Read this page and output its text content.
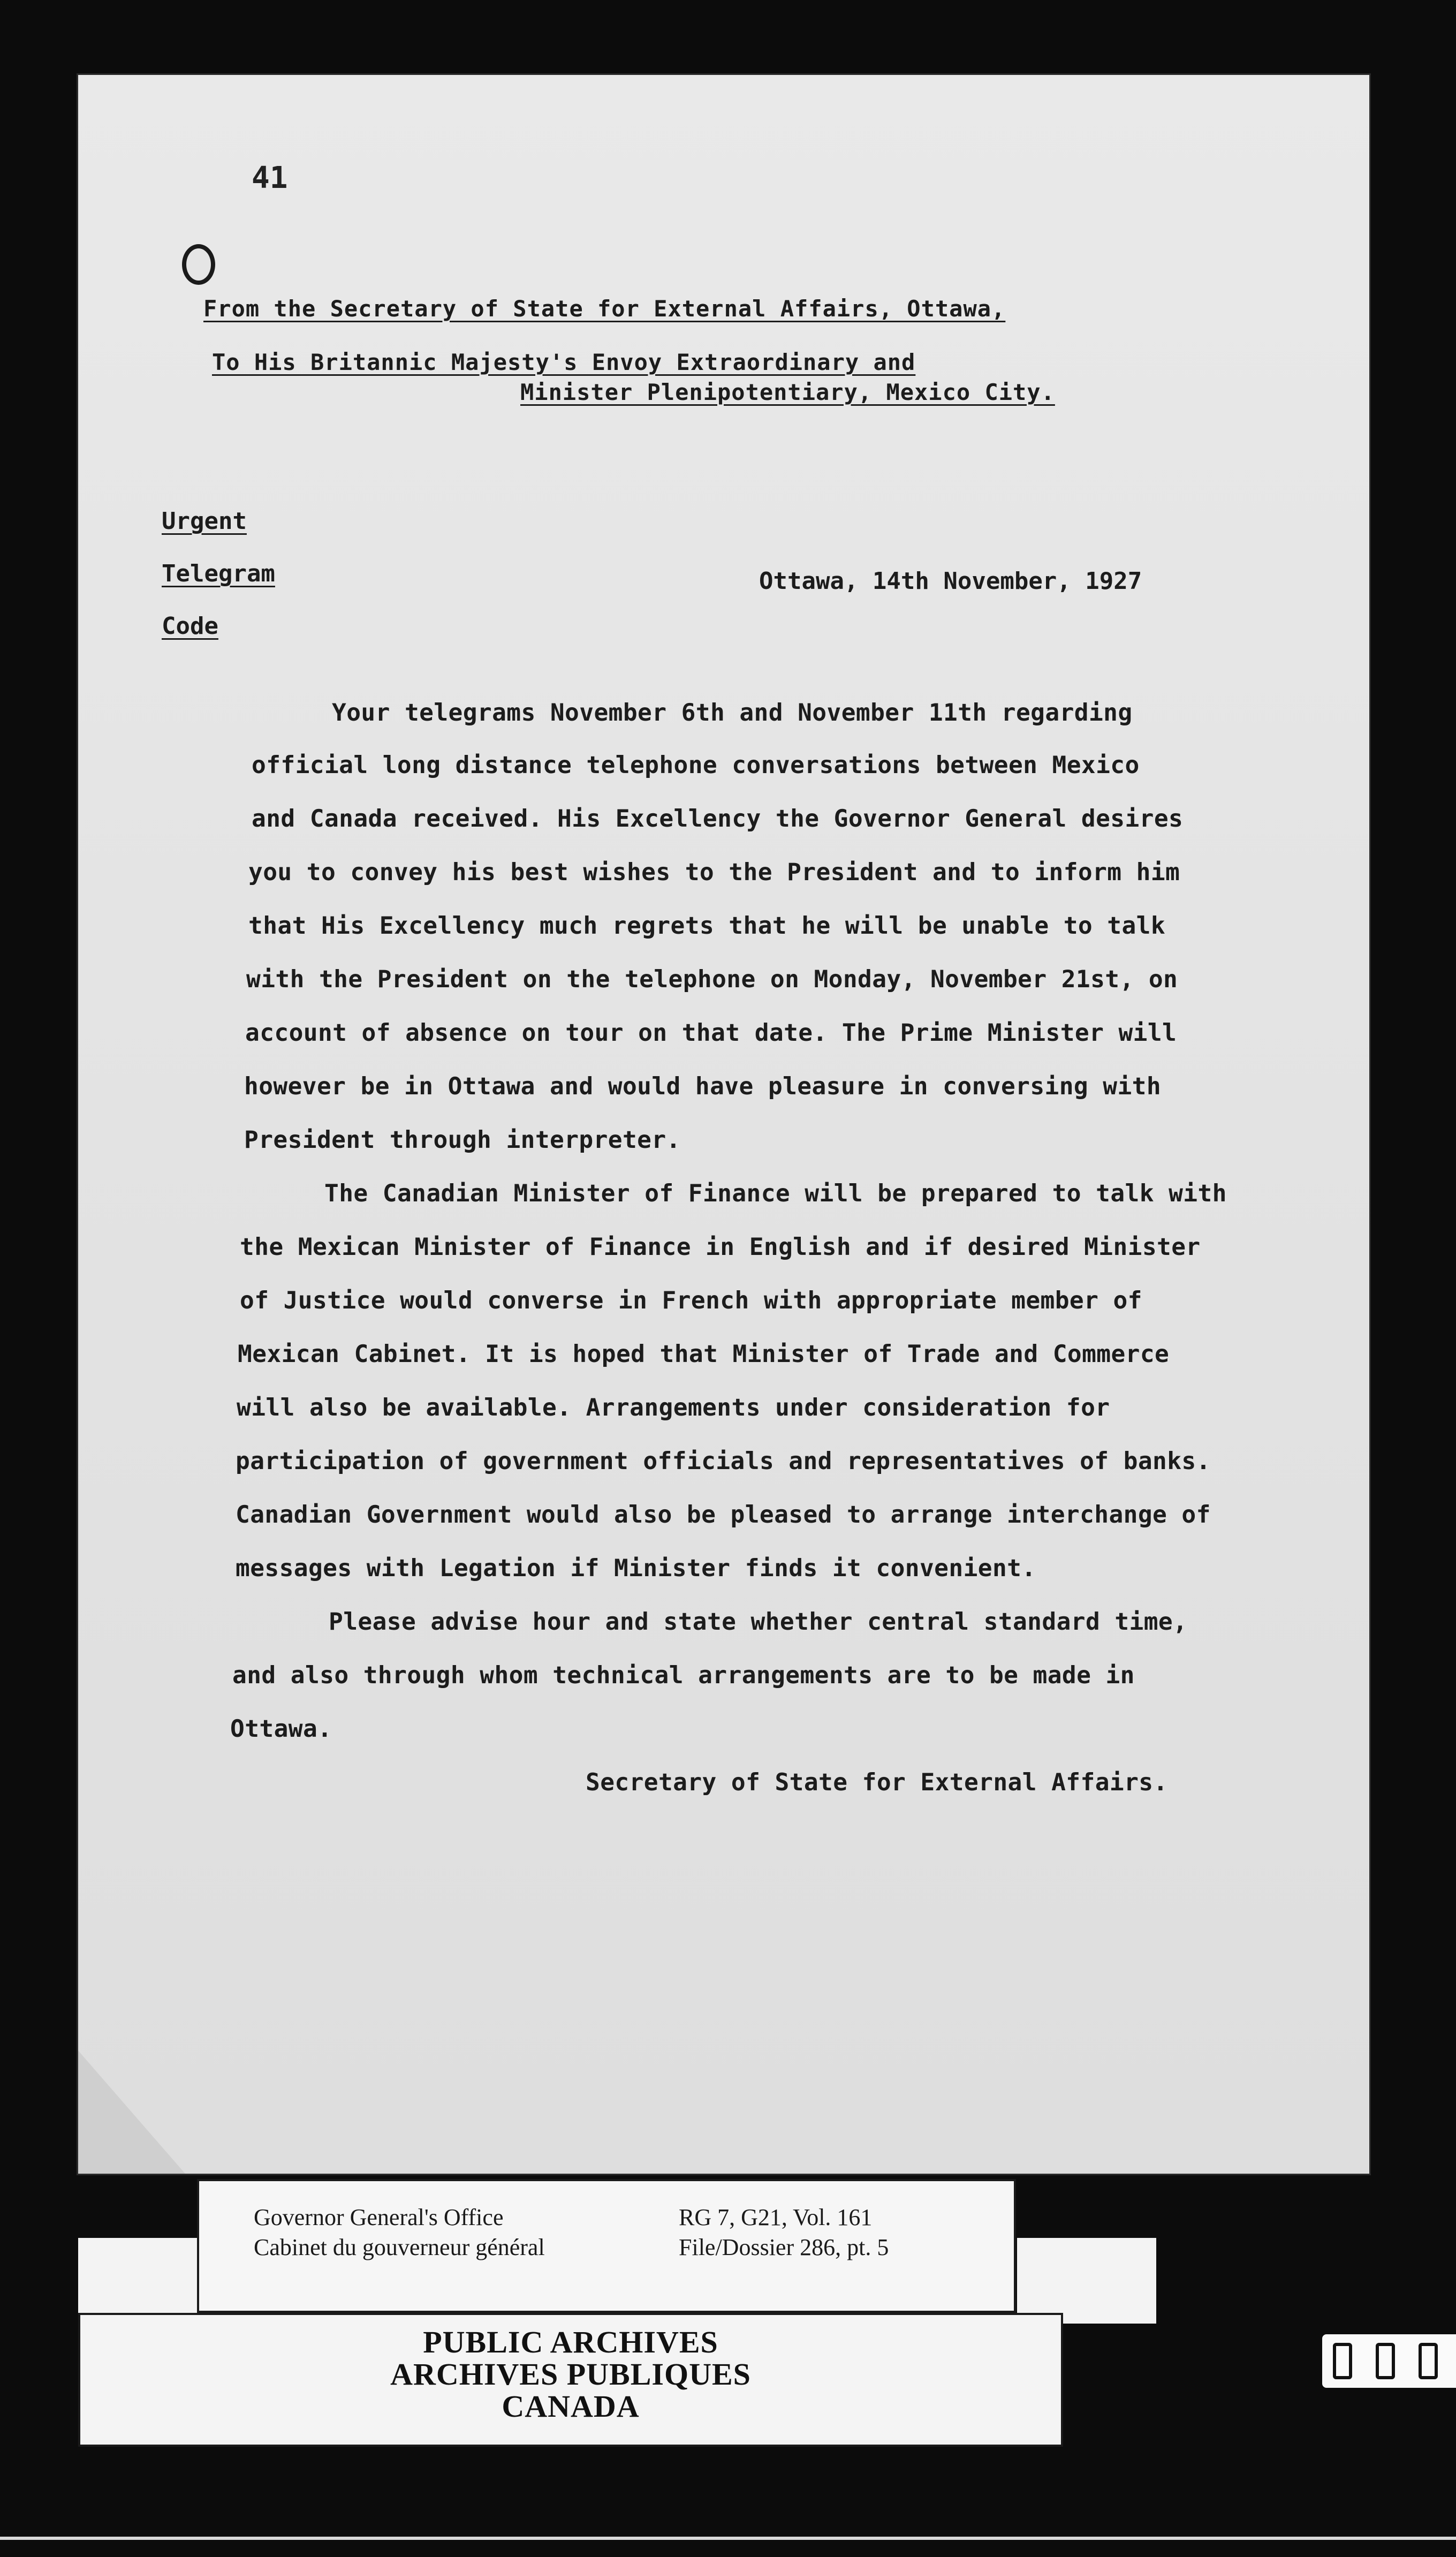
41
From the Secretary of State for External Affairs, Ottawa,
To His Britannic Majesty's Envoy Extraordinary and
Minister Plenipotentiary, Mexico City.
Urgent
Telegram
Code
Ottawa, 14th November, 1927
Your telegrams November 6th and November 11th regarding
official long distance telephone conversations between Mexico
and Canada received. His Excellency the Governor General desires
you to convey his best wishes to the President and to inform him
that His Excellency much regrets that he will be unable to talk
with the President on the telephone on Monday, November 21st, on
account of absence on tour on that date. The Prime Minister will
however be in Ottawa and would have pleasure in conversing with
President through interpreter.
The Canadian Minister of Finance will be prepared to talk with
the Mexican Minister of Finance in English and if desired Minister
of Justice would converse in French with appropriate member of
Mexican Cabinet. It is hoped that Minister of Trade and Commerce
will also be available. Arrangements under consideration for
participation of government officials and representatives of banks.
Canadian Government would also be pleased to arrange interchange of
messages with Legation if Minister finds it convenient.
Please advise hour and state whether central standard time,
and also through whom technical arrangements are to be made in
Ottawa.
Secretary of State for External Affairs.
Governor General's Office
Cabinet du gouverneur général
RG 7, G21, Vol. 161
File/Dossier 286, pt. 5
PUBLIC ARCHIVES
ARCHIVES PUBLIQUES
CANADA
